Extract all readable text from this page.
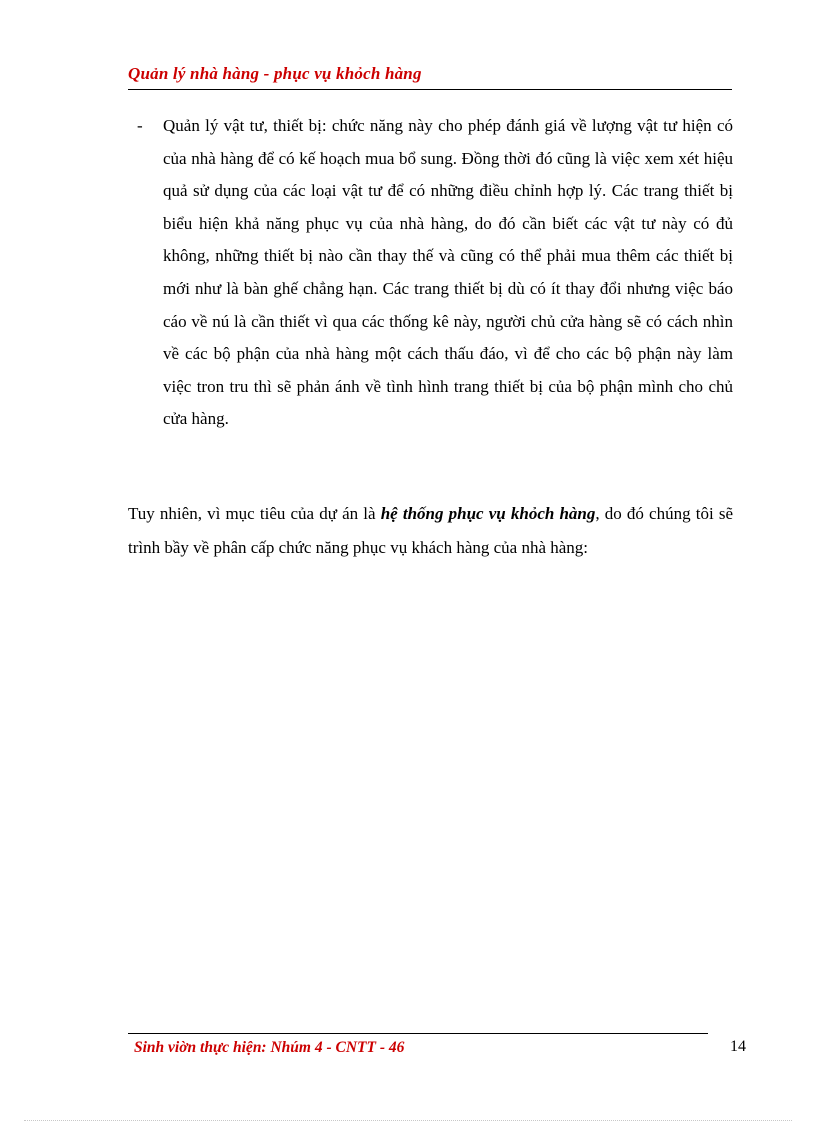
Quản lý nhà hàng - phục vụ khỏch hàng
- Quản lý vật tư, thiết bị: chức năng này cho phép đánh giá về lượng vật tư hiện có của nhà hàng để có kế hoạch mua bổ sung. Đồng thời đó cũng là việc xem xét hiệu quả sử dụng của các loại vật tư để có những điều chỉnh hợp lý. Các trang thiết bị biểu hiện khả năng phục vụ của nhà hàng, do đó cần biết các vật tư này có đủ không, những thiết bị nào cần thay thế và cũng có thể phải mua thêm các thiết bị mới như là bàn ghế chẳng hạn. Các trang thiết bị dù có ít thay đổi nhưng việc báo cáo về nú là cần thiết vì qua các thống kê này, người chủ cửa hàng sẽ có cách nhìn về các bộ phận của nhà hàng một cách thấu đáo, vì để cho các bộ phận này làm việc tron tru thì sẽ phản ánh về tình hình trang thiết bị của bộ phận mình cho chủ cửa hàng.

Tuy nhiên, vì mục tiêu của dự án là hệ thống phục vụ khỏch hàng, do đó chúng tôi sẽ trình bầy về phân cấp chức năng phục vụ khách hàng của nhà hàng:

Sinh viờn thực hiện: Nhúm 4 - CNTT - 46	14
